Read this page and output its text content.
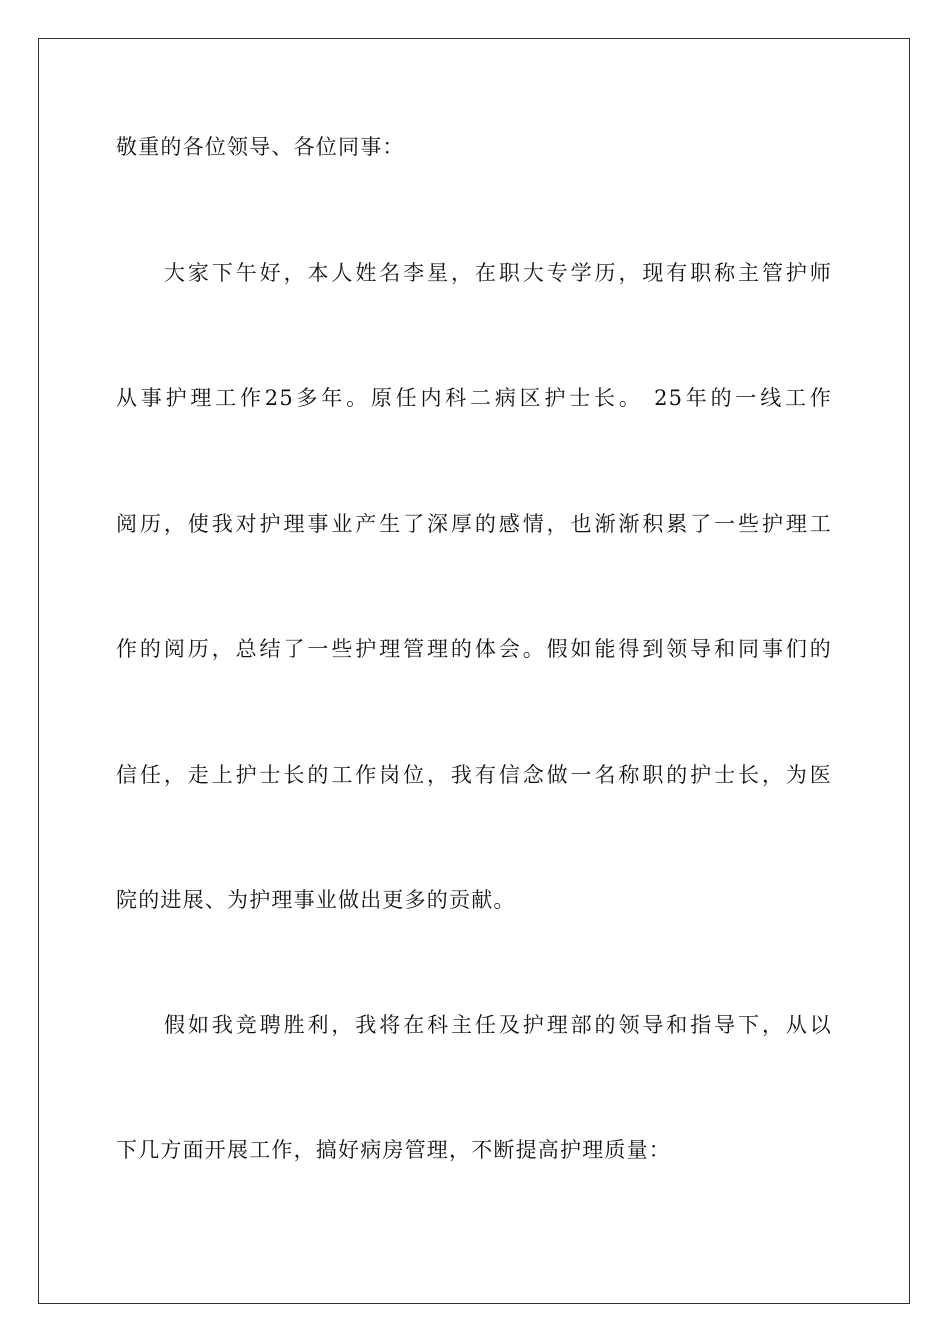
敬重的各位领导、各位同事：
大家下午好，本人姓名李星，在职大专学历，现有职称主管护师
从事护理工作25多年。原任内科二病区护士长。 25年的一线工作
阅历，使我对护理事业产生了深厚的感情，也渐渐积累了一些护理工
作的阅历，总结了一些护理管理的体会。假如能得到领导和同事们的
信任，走上护士长的工作岗位，我有信念做一名称职的护士长，为医
院的进展、为护理事业做出更多的贡献。
假如我竞聘胜利，我将在科主任及护理部的领导和指导下，从以
下几方面开展工作，搞好病房管理，不断提高护理质量：
